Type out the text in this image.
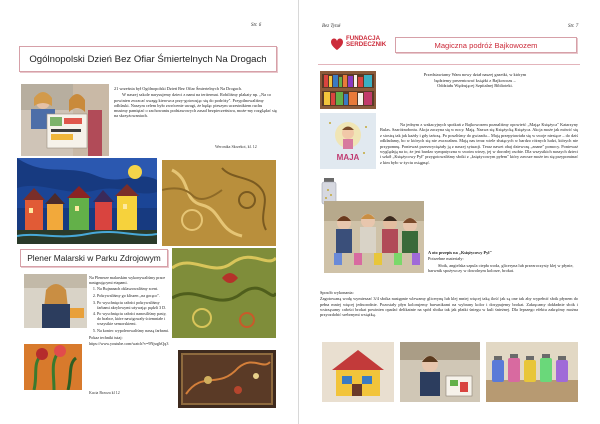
Str. 6
Ogólnopolski Dzień Bez Ofiar Śmiertelnych Na Drogach

21 września był Ogólnopolski Dzień Bez Ofiar Śmiertelnych Na Drogach.

W naszej szkole narysujemy dzieci z nami na teritermat. Robiliśmy plakaty np. „Na co powinien zwracać uwagę kierowca przy-gotowując się do podróży". Przypilnowaliśmy odblaski. Naszym celem było zwrócenie uwagi, że będąc pieszym uczestnikiem ruchu musimy pamiętać o zachowaniu podstawowych zasad bezpieczeństwa, może-my rozglądać się na skrzyżowaniach.

Weronika Skrzekot, kl. 12
Plener Malarski w Parku Zdrojowym

Na Plenerze malarskim wykonywaliśmy prace następującymi etapami.

1. Na Bujnanach oklaszowaliśmy scent.
2. Pokrywaliśmy go kliszen „na gorąco".
3. Po wyschnięciu całości pokrywaliśmy farbami akrylowymi używając pędzli 3 D.
4. Po wyschnięciu całości nanosiliśmy pasty, do brabce, które nawigowały ściemniałe i wszystkie sensorskiemi.
5. Na koniec wypolerowaliśmy naszą farbami.

Pokaz techniki tutaj:

https://www.youtube.com/watch?v=9NjsqjbQq3

Kacia Brzoza kl 12
Bez Tytuł	Str. 7
FUNDACJA
SERDECZNIK	Magiczna podróż Bajkowozem
Przedstawiamy Wam nowy dział naszej gazetki, w którym
będziemy prezentować książki z Bajkowozu –
Oddziału Wędrującej Szpitalnej Biblioteki.
MAJA

Na jednym z wakacyjnych spotkań z Bajkowozem poznaliśmy opowieść „Mająz Księżyca" Katarzyny Bulas. Szaróżnołoniu. Akcja zaczyna się w nocy. Mają. Nazwa się Księżycką Księżyca. Akcja może jak mówić się z siostrą tak jak każdy i gdy tańczą. Po poszliśmy do gwiazdu... Mają przepytawiała się w swoje niesiące – do dziś odkładamy, bo w których się nie zwracałam. Mają nas teraz wiele służących w bardzo różnych ludzi, których nie przypomnę. Ponieważ przezwyciężały ją z naszej sytuacji. Teraz nawet obaj dziewczę „znane" pomocy. Ponieważ wyglądają na to, że jest bardzo sympatyczna w swoim wiezy, jej w dorosłej osobie. Dla wszystkich naszych dzieci i szkół „Księżycowy Pył" przygotowaliśmy słoiki z „księżycowym pyłem" który zawsze może im się przypominać z kim było w życiu osiągnąć.

A oto przepis na „Księżycowy Pył"

Potrzebne materiały:

Słoik, angielska szpula ciepła woda, gliceryna lub przezroczysty klej w płynie, barwnik spożywczy w dowolnym kolorze, brokat.

Sposób wykonania:

Zagotowaną wodę wymieszać 3/4 słoika następnie wlewamy glicerynę lub klej mniej więcej taką ilość jak są one tak aby wypełnić słoik płynem do pełna mniej więcej jednorodnie. Pozostały płyn kolorujemy barwnikami na wybrany kolor i dosypujemy brokat. Zakręcamy dokładnie słoik i wstrząsamy całości brokat powinien opadać delikatnie na spód słoika tak jak płatki śniegu w kuli śnieżnej. Dla lepszego efektu zakręćmy można przyozdobić srebrnymi wstążką.
